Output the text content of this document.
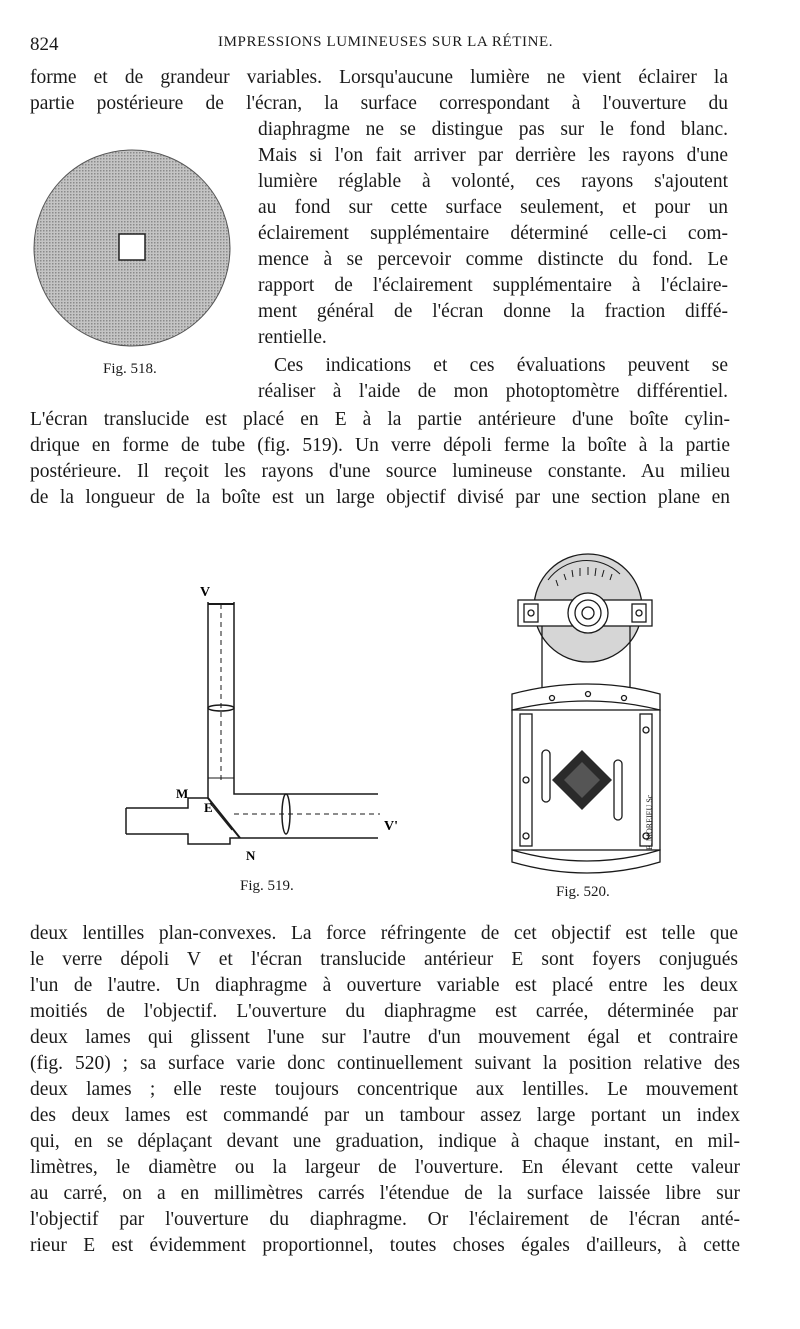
824	IMPRESSIONS LUMINEUSES SUR LA RÉTINE.
forme et de grandeur variables. Lorsqu'aucune lumière ne vient éclairer la
partie postérieure de l'écran, la surface correspondant à l'ouverture du
diaphragme ne se distingue pas sur le fond blanc.
Mais si l'on fait arriver par derrière les rayons d'une
lumière réglable à volonté, ces rayons s'ajoutent
au fond sur cette surface seulement, et pour un
éclairement supplémentaire déterminé celle-ci com-
mence à se percevoir comme distincte du fond. Le
rapport de l'éclairement supplémentaire à l'éclaire-
ment général de l'écran donne la fraction diffé-
rentielle.
Ces indications et ces évaluations peuvent se
réaliser à l'aide de mon photoptomètre différentiel.
L'écran translucide est placé en E à la partie antérieure d'une boîte cylin-
drique en forme de tube (fig. 519). Un verre dépoli ferme la boîte à la partie
postérieure. Il reçoit les rayons d'une source lumineuse constante. Au milieu
de la longueur de la boîte est un large objectif divisé par une section plane en
deux lentilles plan-convexes. La force réfringente de cet objectif est telle que
le verre dépoli V et l'écran translucide antérieur E sont foyers conjugués
l'un de l'autre. Un diaphragme à ouverture variable est placé entre les deux
moitiés de l'objectif. L'ouverture du diaphragme est carrée, déterminée par
deux lames qui glissent l'une sur l'autre d'un mouvement égal et contraire
(fig. 520) ; sa surface varie donc continuellement suivant la position relative des
deux lames ; elle reste toujours concentrique aux lentilles. Le mouvement
des deux lames est commandé par un tambour assez large portant un index
qui, en se déplaçant devant une graduation, indique à chaque instant, en mil-
limètres, le diamètre ou la largeur de l'ouverture. En élevant cette valeur
au carré, on a en millimètres carrés l'étendue de la surface laissée libre sur
l'objectif par l'ouverture du diaphragme. Or l'éclairement de l'écran anté-
rieur E est évidemment proportionnel, toutes choses égales d'ailleurs, à cette
Fig. 518.
V
M
E
V'
N
Fig. 519.
E. MOREIEU Sc
Fig. 520.
